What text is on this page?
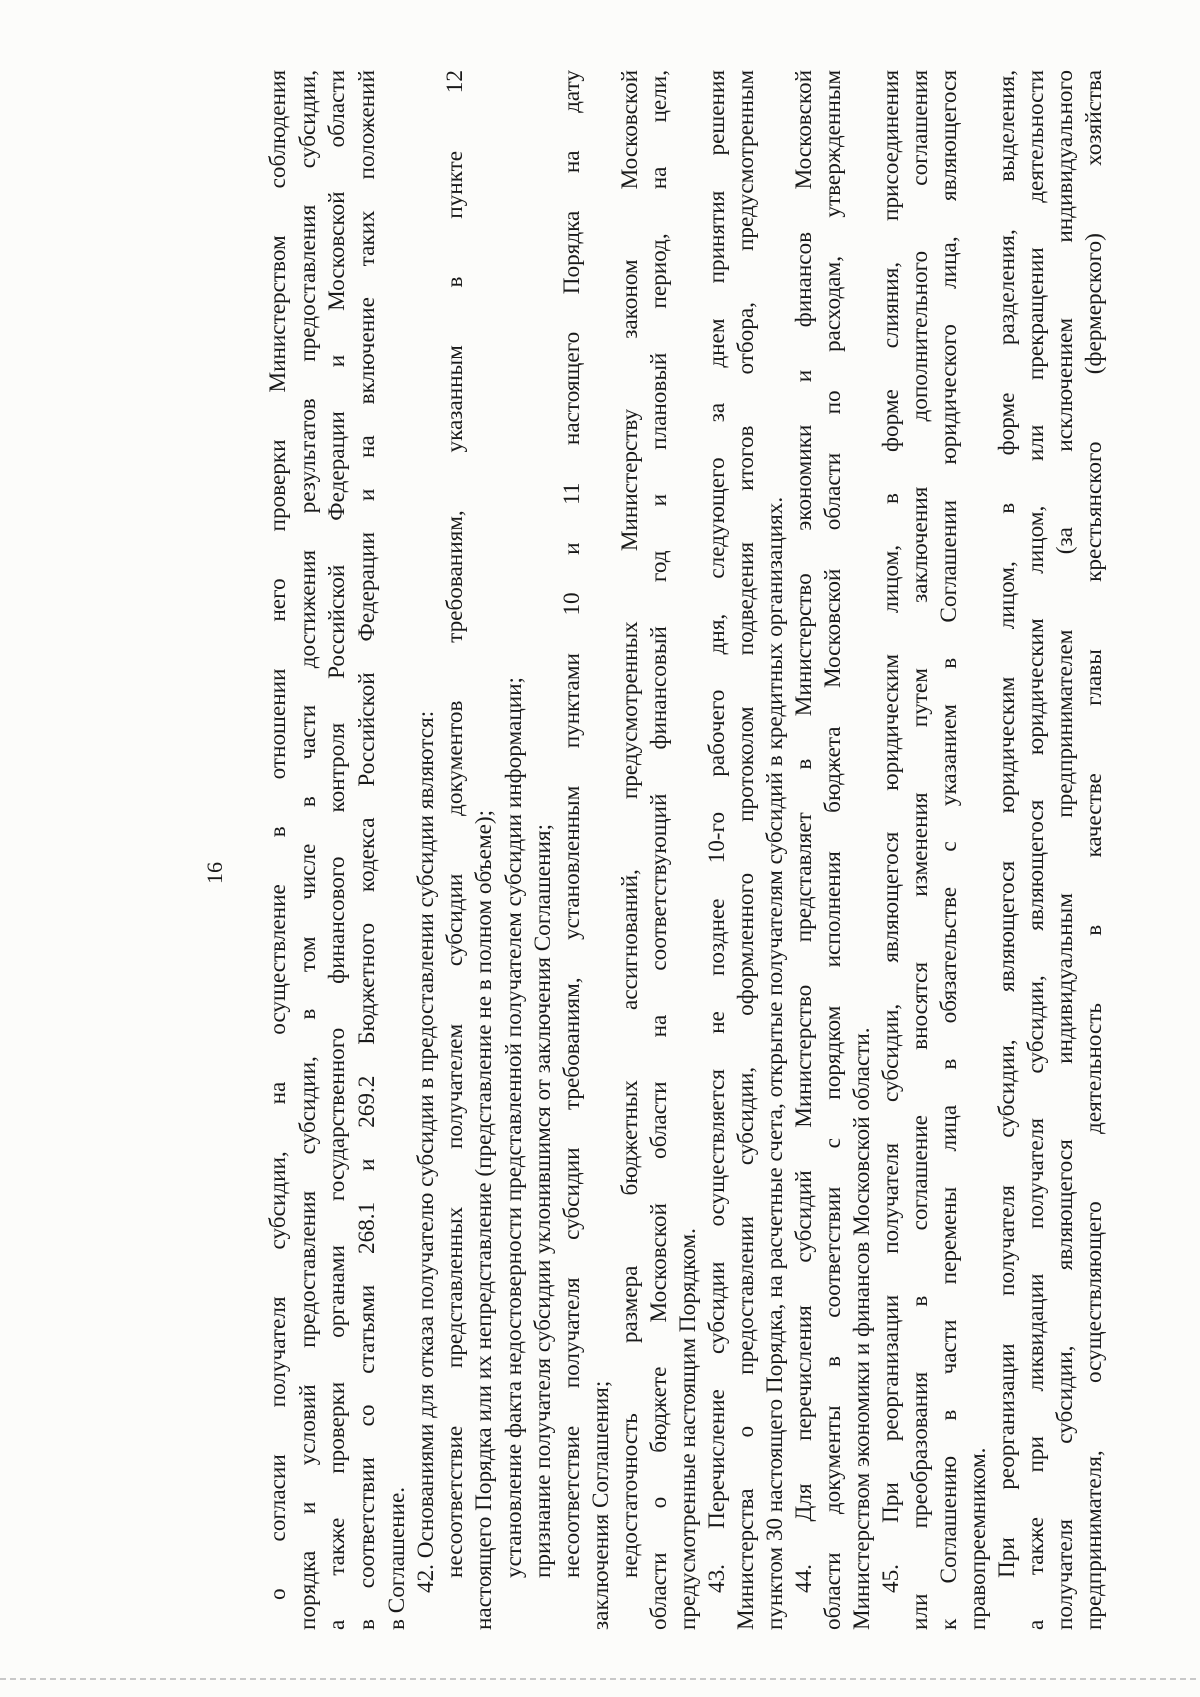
16 о согласии получателя субсидии, на осуществление в отношении него проверки Министерством соблюдения порядка и условий предоставления субсидии, в том числе в части достижения результатов предоставления субсидии, а также проверки органами государственного финансового контроля Российской Федерации и Московской области в соответствии со статьями 268.1 и 269.2 Бюджетного кодекса Российской Федерации и на включение таких положений в Соглашение. 42. Основаниями для отказа получателю субсидии в предоставлении субсидии являются: несоответствие представленных получателем субсидии документов требованиям, указанным в пункте 12 настоящего Порядка или их непредставление (представление не в полном объеме); установление факта недостоверности представленной получателем субсидии информации; признание получателя субсидии уклонившимся от заключения Соглашения; несоответствие получателя субсидии требованиям, установленным пунктами 10 и 11 настоящего Порядка на дату заключения Соглашения; недостаточность размера бюджетных ассигнований, предусмотренных Министерству законом Московской области о бюджете Московской области на соответствующий финансовый год и плановый период, на цели, предусмотренные настоящим Порядком. 43. Перечисление субсидии осуществляется не позднее 10-го рабочего дня, следующего за днем принятия решения Министерства о предоставлении субсидии, оформленного протоколом подведения итогов отбора, предусмотренным пунктом 30 настоящего Порядка, на расчетные счета, открытые получателям субсидий в кредитных организациях. 44. Для перечисления субсидий Министерство представляет в Министерство экономики и финансов Московской области документы в соответствии с порядком исполнения бюджета Московской области по расходам, утвержденным Министерством экономики и финансов Московской области. 45. При реорганизации получателя субсидии, являющегося юридическим лицом, в форме слияния, присоединения или преобразования в соглашение вносятся изменения путем заключения дополнительного соглашения к Соглашению в части перемены лица в обязательстве с указанием в Соглашении юридического лица, являющегося правопреемником. При реорганизации получателя субсидии, являющегося юридическим лицом, в форме разделения, выделения, а также при ликвидации получателя субсидии, являющегося юридическим лицом, или прекращении деятельности получателя субсидии, являющегося индивидуальным предпринимателем (за исключением индивидуального предпринимателя, осуществляющего деятельность в качестве главы крестьянского (фермерского) хозяйства
